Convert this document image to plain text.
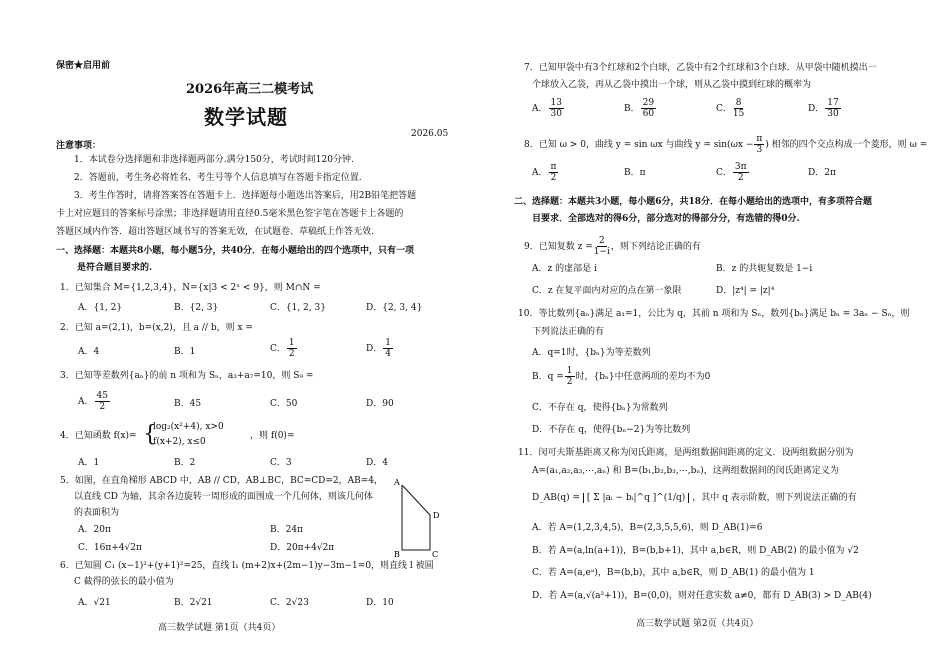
保密★启用前
2026年高三二模考试
数学试题
2026.05
注意事项：
1．本试卷分选择题和非选择题两部分.满分150分，考试时间120分钟.
2．答题前，考生务必将姓名、考生号等个人信息填写在答题卡指定位置.
3．考生作答时，请将答案答在答题卡上．选择题每小题选出答案后，用2B铅笔把答题
卡上对应题目的答案标号涂黑；非选择题请用直径0.5毫米黑色签字笔在答题卡上各题的
答题区域内作答．超出答题区域书写的答案无效，在试题卷、草稿纸上作答无效.
一、选择题：本题共8小题，每小题5分，共40分．在每小题给出的四个选项中，只有一项
是符合题目要求的.
1．已知集合 M={1,2,3,4}，N={x|3 < 2ˣ < 9}，则 M∩N =
A．{1, 2}	B．{2, 3}	C．{1, 2, 3}	D．{2, 3, 4}
2．已知 a=(2,1)，b=(x,2)，且 a // b，则 x =
A．4	B．1	C． $\frac{1}{2}$	D． $\frac{1}{4}$
3．已知等差数列{aₙ}的前 n 项和为 Sₙ，a₃+a₇=10，则 S₉ =
A． $\frac{45}{2}$	B．45	C．50	D．90
4．已知函数 f(x)= {
log₂(x²+4), x>0
f(x+2), x≤0
，则 f(0)=
A．1	B．2	C．3	D．4
5．如图，在直角梯形 ABCD 中，AB // CD，AB⊥BC，BC=CD=2，AB=4，
以直线 CD 为轴，其余各边旋转一周形成的面围成一个几何体，则该几何体
的表面积为
A．20π	B．24π
C．16π+4√2π	D．20π+4√2π
A
D
B	C
6．已知圆 C₁ (x−1)²+(y+1)²=25，直线 l₁ (m+2)x+(2m−1)y−3m−1=0，则直线 l 被圆
C 截得的弦长的最小值为
A．√21	B．2√21	C．2√23	D．10
高三数学试题 第1页（共4页）
7．已知甲袋中有3个红球和2个白球，乙袋中有2个红球和3个白球．从甲袋中随机摸出一
个球放入乙袋，再从乙袋中摸出一个球，则从乙袋中摸到红球的概率为
A． $\frac{13}{30}$	B． $\frac{29}{60}$	C． $\frac{8}{15}$	D． $\frac{17}{30}$
8．已知 ω > 0，曲线 y = sin ωx 与曲线 $y = \sin(\omega x - \frac{\pi}{3}$ ) 相邻的四个交点构成一个菱形，则 ω =
A． $\frac{\pi}{2}$	B．π	C． $\frac{3\pi}{2}$	D．2π
二、选择题：本题共3小题，每小题6分，共18分．在每小题给出的选项中，有多项符合题
目要求．全部选对的得6分，部分选对的得部分分，有选错的得0分.
9．已知复数 $z = \frac{2}{1-i}$ ，则下列结论正确的有
A．z 的虚部是 i	B．z 的共轭复数是 1−i
C．z 在复平面内对应的点在第一象限	D．|z⁴| = |z|⁴
10．等比数列{aₙ}满足 a₁=1，公比为 q，其前 n 项和为 Sₙ，数列{bₙ}满足 bₙ = 3aₙ − Sₙ，则
下列说法正确的有
A．q=1时，{bₙ}为等差数列
B．$q = \frac{1}{2}$ 时，{bₙ}中任意两项的差均不为0
C．不存在 q，使得{bₙ}为常数列
D．不存在 q，使得{bₙ−2}为等比数列
11．闵可夫斯基距离又称为闵氏距离，是两组数据间距离的定义．设两组数据分别为
A=(a₁,a₂,a₃,⋯,aₙ) 和 B=(b₁,b₂,b₃,⋯,bₙ)，这两组数据间的闵氏距离定义为
D_AB(q) = [ Σ |aᵢ − bᵢ|^q ]^(1/q) ，其中 q 表示阶数，则下列说法正确的有
A．若 A=(1,2,3,4,5)，B=(2,3,5,5,6)，则 D_AB(1)=6
B．若 A=(a,ln(a+1))，B=(b,b+1)，其中 a,b∈R，则 D_AB(2) 的最小值为 √2
C．若 A=(a,eᵃ)，B=(b,b)，其中 a,b∈R，则 D_AB(1) 的最小值为 1
D．若 A=(a,√(a²+1))，B=(0,0)，则对任意实数 a≠0，都有 D_AB(3) > D_AB(4)
高三数学试题 第2页（共4页）
